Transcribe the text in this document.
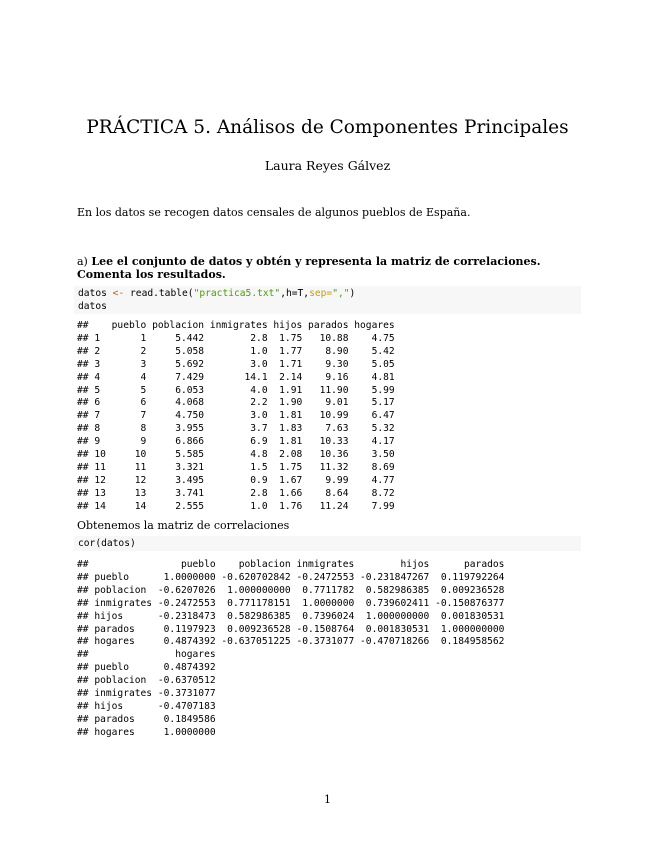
PRÁCTICA 5. Análisos de Componentes Principales
Laura Reyes Gálvez
En los datos se recogen datos censales de algunos pueblos de España.
a) Lee el conjunto de datos y obtén y representa la matriz de correlaciones. Comenta los resultados.
datos <- read.table("practica5.txt",h=T,sep=",")
datos
##    pueblo poblacion inmigrates hijos parados hogares
## 1       1     5.442        2.8  1.75   10.88    4.75
## 2       2     5.058        1.0  1.77    8.90    5.42
## 3       3     5.692        3.0  1.71    9.30    5.05
## 4       4     7.429       14.1  2.14    9.16    4.81
## 5       5     6.053        4.0  1.91   11.90    5.99
## 6       6     4.068        2.2  1.90    9.01    5.17
## 7       7     4.750        3.0  1.81   10.99    6.47
## 8       8     3.955        3.7  1.83    7.63    5.32
## 9       9     6.866        6.9  1.81   10.33    4.17
## 10     10     5.585        4.8  2.08   10.36    3.50
## 11     11     3.321        1.5  1.75   11.32    8.69
## 12     12     3.495        0.9  1.67    9.99    4.77
## 13     13     3.741        2.8  1.66    8.64    8.72
## 14     14     2.555        1.0  1.76   11.24    7.99
Obtenemos la matriz de correlaciones
cor(datos)
##                pueblo    poblacion inmigrates        hijos      parados
## pueblo      1.0000000 -0.620702842 -0.2472553 -0.231847267  0.119792264
## poblacion  -0.6207026  1.000000000  0.7711782  0.582986385  0.009236528
## inmigrates -0.2472553  0.771178151  1.0000000  0.739602411 -0.150876377
## hijos      -0.2318473  0.582986385  0.7396024  1.000000000  0.001830531
## parados     0.1197923  0.009236528 -0.1508764  0.001830531  1.000000000
## hogares     0.4874392 -0.637051225 -0.3731077 -0.470718266  0.184958562
##               hogares
## pueblo      0.4874392
## poblacion  -0.6370512
## inmigrates -0.3731077
## hijos      -0.4707183
## parados     0.1849586
## hogares     1.0000000
1
